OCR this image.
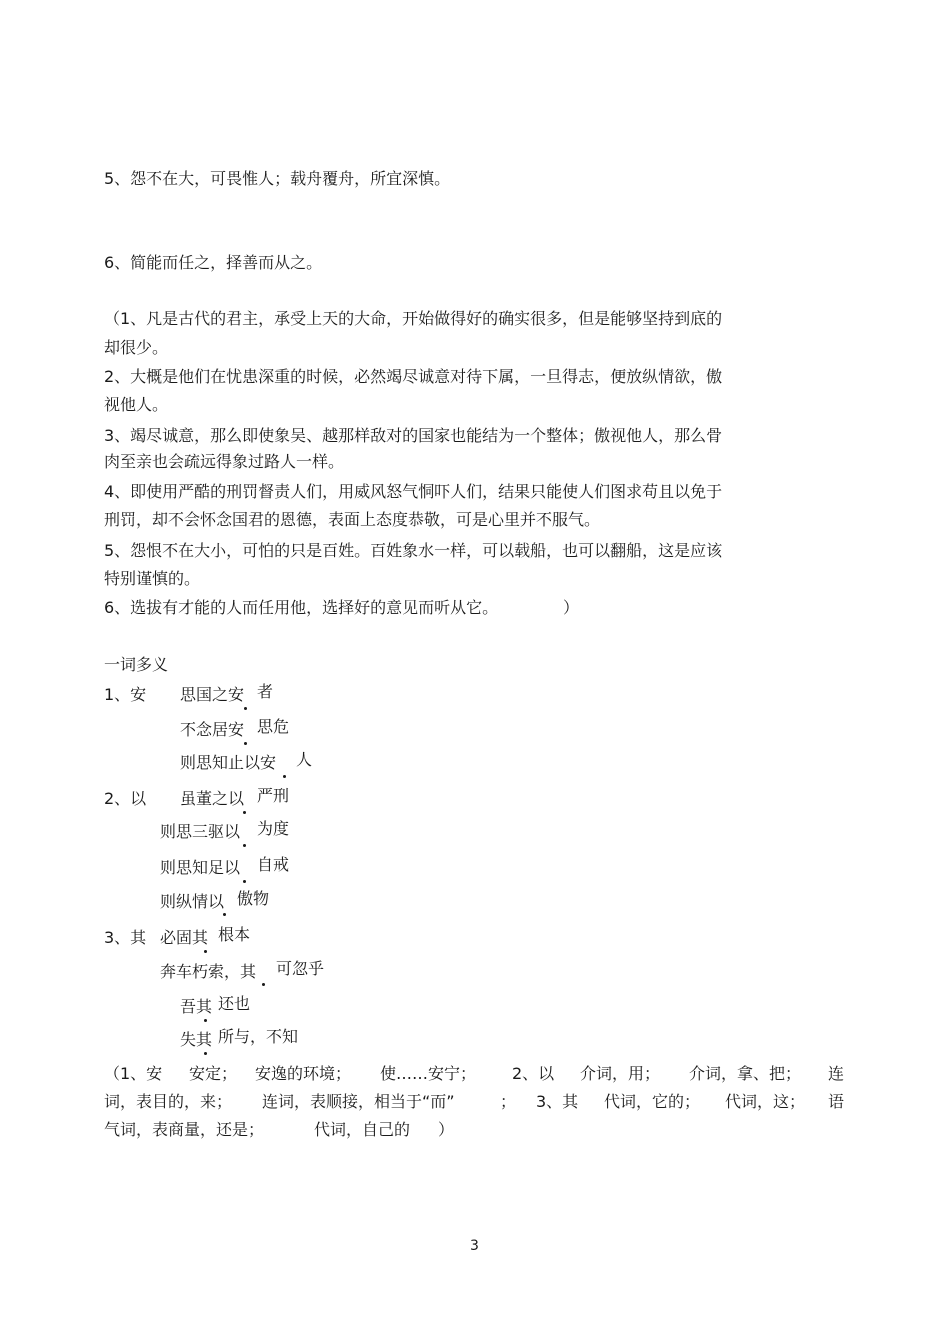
5、怨不在大，可畏惟人；载舟覆舟，所宜深慎。
6、简能而任之，择善而从之。
（1、凡是古代的君主，承受上天的大命，开始做得好的确实很多，但是能够坚持到底的
却很少。
2、大概是他们在忧患深重的时候，必然竭尽诚意对待下属，一旦得志，便放纵情欲，傲
视他人。
3、竭尽诚意，那么即使象吴、越那样敌对的国家也能结为一个整体；傲视他人，那么骨
肉至亲也会疏远得象过路人一样。
4、即使用严酷的刑罚督责人们，用威风怒气恫吓人们，结果只能使人们图求苟且以免于
刑罚，却不会怀念国君的恩德，表面上态度恭敬，可是心里并不服气。
5、怨恨不在大小，可怕的只是百姓。百姓象水一样，可以载船，也可以翻船，这是应该
特别谨慎的。
6、选拔有才能的人而任用他，选择好的意见而听从它。	）
一词多义
1、安 思国之安 者
不念居安 思危
则思知止以安 人
2、以 虽董之以 严刑
则思三驱以 为度
则思知足以 自戒
则纵情以 傲物
3、其 必固其 根本
奔车朽索，其 可忽乎
吾其 还也
失其 所与，不知
（1、安 安定； 安逸的环境； 使……安宁； 2、以 介词，用； 介词，拿、把； 连
词，表目的，来； 连词，表顺接，相当于“而”	； 3、其 代词，它的； 代词，这； 语
气词，表商量，还是；	代词，自己的 ）
3
